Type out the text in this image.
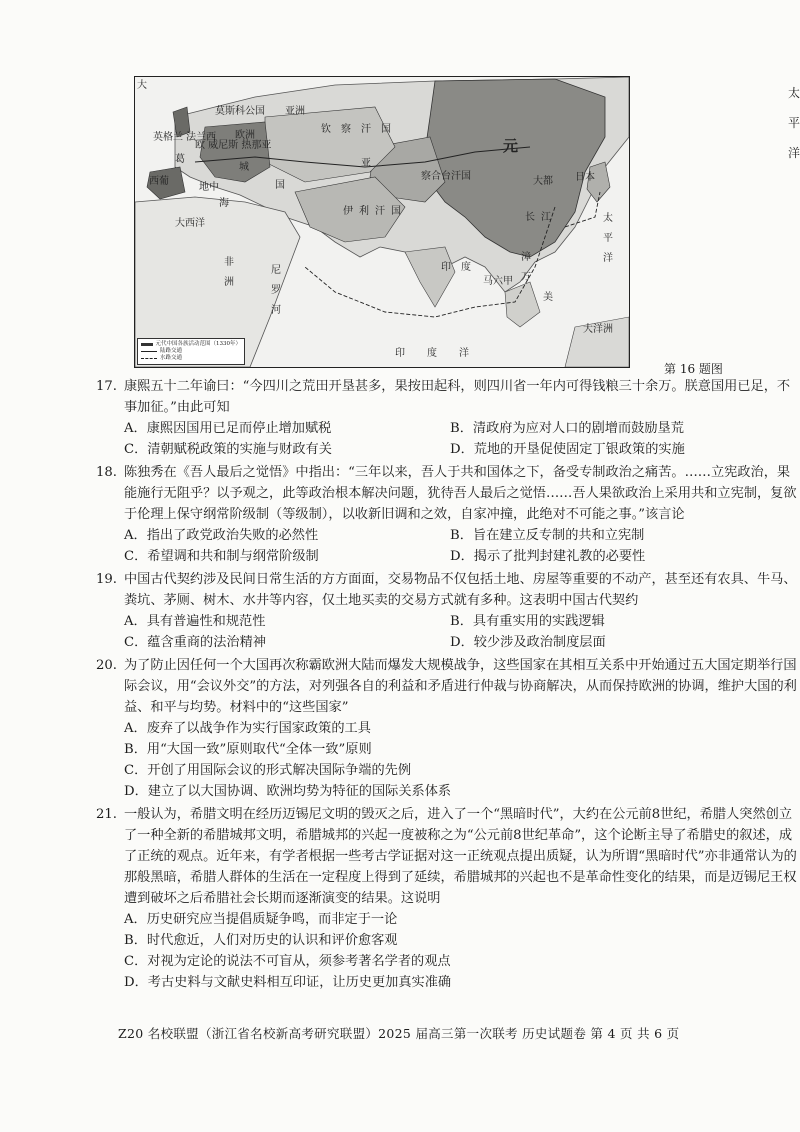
元
钦察汗国
察合台汗国
伊利汗国
大都
长江
印度
印度洋
太平洋
欧 威尼斯 热那亚
非洲
尼罗河
大
亚洲
日本
莫斯科公国
西葡
地中
海
漳
万
马六甲
大洋洲
英格兰 法兰西
葛
国
城	亚
美
大西洋
欧洲
元代中国各族活动范围（1330年）
陆路交通
水路交通
太平洋
第 16 题图
17. 康熙五十二年谕曰：“今四川之荒田开垦甚多，果按田起科，则四川省一年内可得钱粮三十余万。朕意国用已足，不事加征。”由此可知
A．康熙因国用已足而停止增加赋税	B．清政府为应对人口的剧增而鼓励垦荒
C．清朝赋税政策的实施与财政有关	D．荒地的开垦促使固定丁银政策的实施
18. 陈独秀在《吾人最后之觉悟》中指出：“三年以来，吾人于共和国体之下，备受专制政治之痛苦。……立宪政治，果能施行无阻乎？以予观之，此等政治根本解决问题，犹待吾人最后之觉悟……吾人果欲政治上采用共和立宪制，复欲于伦理上保守纲常阶级制（等级制），以收新旧调和之效，自家冲撞，此绝对不可能之事。”该言论
A．指出了政党政治失败的必然性	B．旨在建立反专制的共和立宪制
C．希望调和共和制与纲常阶级制	D．揭示了批判封建礼教的必要性
19. 中国古代契约涉及民间日常生活的方方面面，交易物品不仅包括土地、房屋等重要的不动产，甚至还有农具、牛马、粪坑、茅厕、树木、水井等内容，仅土地买卖的交易方式就有多种。这表明中国古代契约
A．具有普遍性和规范性	B．具有重实用的实践逻辑
C．蕴含重商的法治精神	D．较少涉及政治制度层面
20. 为了防止因任何一个大国再次称霸欧洲大陆而爆发大规模战争，这些国家在其相互关系中开始通过五大国定期举行国际会议，用“会议外交”的方法，对列强各自的利益和矛盾进行仲裁与协商解决，从而保持欧洲的协调，维护大国的利益、和平与均势。材料中的“这些国家”
A．废弃了以战争作为实行国家政策的工具
B．用“大国一致”原则取代“全体一致”原则
C．开创了用国际会议的形式解决国际争端的先例
D．建立了以大国协调、欧洲均势为特征的国际关系体系
21. 一般认为，希腊文明在经历迈锡尼文明的毁灭之后，进入了一个“黑暗时代”，大约在公元前8世纪，希腊人突然创立了一种全新的希腊城邦文明，希腊城邦的兴起一度被称之为“公元前8世纪革命”，这个论断主导了希腊史的叙述，成了正统的观点。近年来，有学者根据一些考古学证据对这一正统观点提出质疑，认为所谓“黑暗时代”亦非通常认为的那般黑暗，希腊人群体的生活在一定程度上得到了延续，希腊城邦的兴起也不是革命性变化的结果，而是迈锡尼王权遭到破坏之后希腊社会长期而逐渐演变的结果。这说明
A．历史研究应当提倡质疑争鸣，而非定于一论
B．时代愈近，人们对历史的认识和评价愈客观
C．对视为定论的说法不可盲从，须参考著名学者的观点
D．考古史料与文献史料相互印证，让历史更加真实准确
Z20 名校联盟（浙江省名校新高考研究联盟）2025 届高三第一次联考 历史试题卷 第 4 页 共 6 页
